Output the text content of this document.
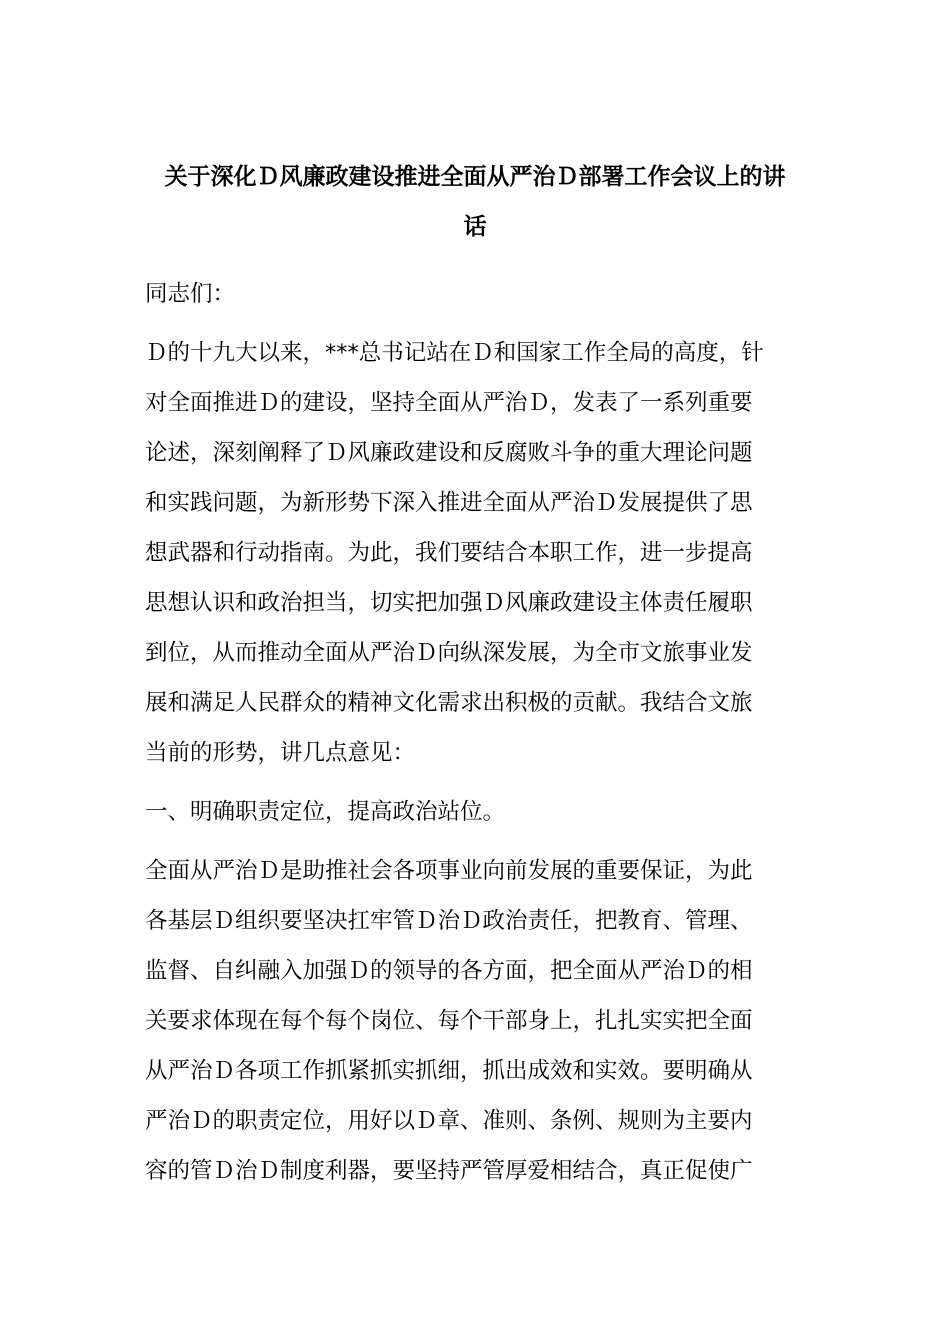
关于深化Ｄ风廉政建设推进全面从严治Ｄ部署工作会议上的讲
话

同志们：

Ｄ的十九大以来，***总书记站在Ｄ和国家工作全局的高度，针
对全面推进Ｄ的建设，坚持全面从严治Ｄ，发表了一系列重要
论述，深刻阐释了Ｄ风廉政建设和反腐败斗争的重大理论问题
和实践问题，为新形势下深入推进全面从严治Ｄ发展提供了思
想武器和行动指南。为此，我们要结合本职工作，进一步提高
思想认识和政治担当，切实把加强Ｄ风廉政建设主体责任履职
到位，从而推动全面从严治Ｄ向纵深发展，为全市文旅事业发
展和满足人民群众的精神文化需求出积极的贡献。我结合文旅
当前的形势，讲几点意见：

一、明确职责定位，提高政治站位。

全面从严治Ｄ是助推社会各项事业向前发展的重要保证，为此
各基层Ｄ组织要坚决扛牢管Ｄ治Ｄ政治责任，把教育、管理、
监督、自纠融入加强Ｄ的领导的各方面，把全面从严治Ｄ的相
关要求体现在每个每个岗位、每个干部身上，扎扎实实把全面
从严治Ｄ各项工作抓紧抓实抓细，抓出成效和实效。要明确从
严治Ｄ的职责定位，用好以Ｄ章、准则、条例、规则为主要内
容的管Ｄ治Ｄ制度利器，要坚持严管厚爱相结合，真正促使广
